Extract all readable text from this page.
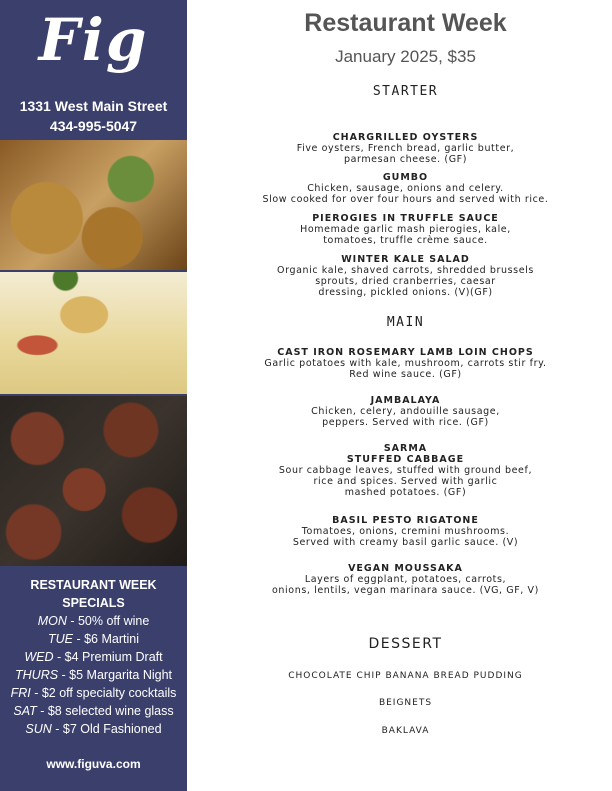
Fig
1331 West Main Street
434-995-5047
RESTAURANT WEEK
SPECIALS
MON - 50% off wine
TUE - $6 Martini
WED - $4 Premium Draft
THURS - $5 Margarita Night
FRI - $2 off specialty cocktails
SAT - $8 selected wine glass
SUN - $7 Old Fashioned
www.figuva.com
Restaurant Week
January 2025, $35
STARTER
CHARGRILLED OYSTERS
Five oysters, French bread, garlic butter,
parmesan cheese. (GF)
GUMBO
Chicken, sausage, onions and celery.
Slow cooked for over four hours and served with rice.
PIEROGIES IN TRUFFLE SAUCE
Homemade garlic mash pierogies, kale,
tomatoes, truffle crème sauce.
WINTER KALE SALAD
Organic kale, shaved carrots, shredded brussels
sprouts, dried cranberries, caesar
dressing, pickled onions. (V)(GF)
MAIN
CAST IRON ROSEMARY LAMB LOIN CHOPS
Garlic potatoes with kale, mushroom, carrots stir fry.
Red wine sauce. (GF)
JAMBALAYA
Chicken, celery, andouille sausage,
peppers. Served with rice. (GF)
SARMA
STUFFED CABBAGE
Sour cabbage leaves, stuffed with ground beef,
rice and spices. Served with garlic
mashed potatoes. (GF)
BASIL PESTO RIGATONE
Tomatoes, onions, cremini mushrooms.
Served with creamy basil garlic sauce. (V)
VEGAN MOUSSAKA
Layers of eggplant, potatoes, carrots,
onions, lentils, vegan marinara sauce. (VG, GF, V)
DESSERT
CHOCOLATE CHIP BANANA BREAD PUDDING
BEIGNETS
BAKLAVA
